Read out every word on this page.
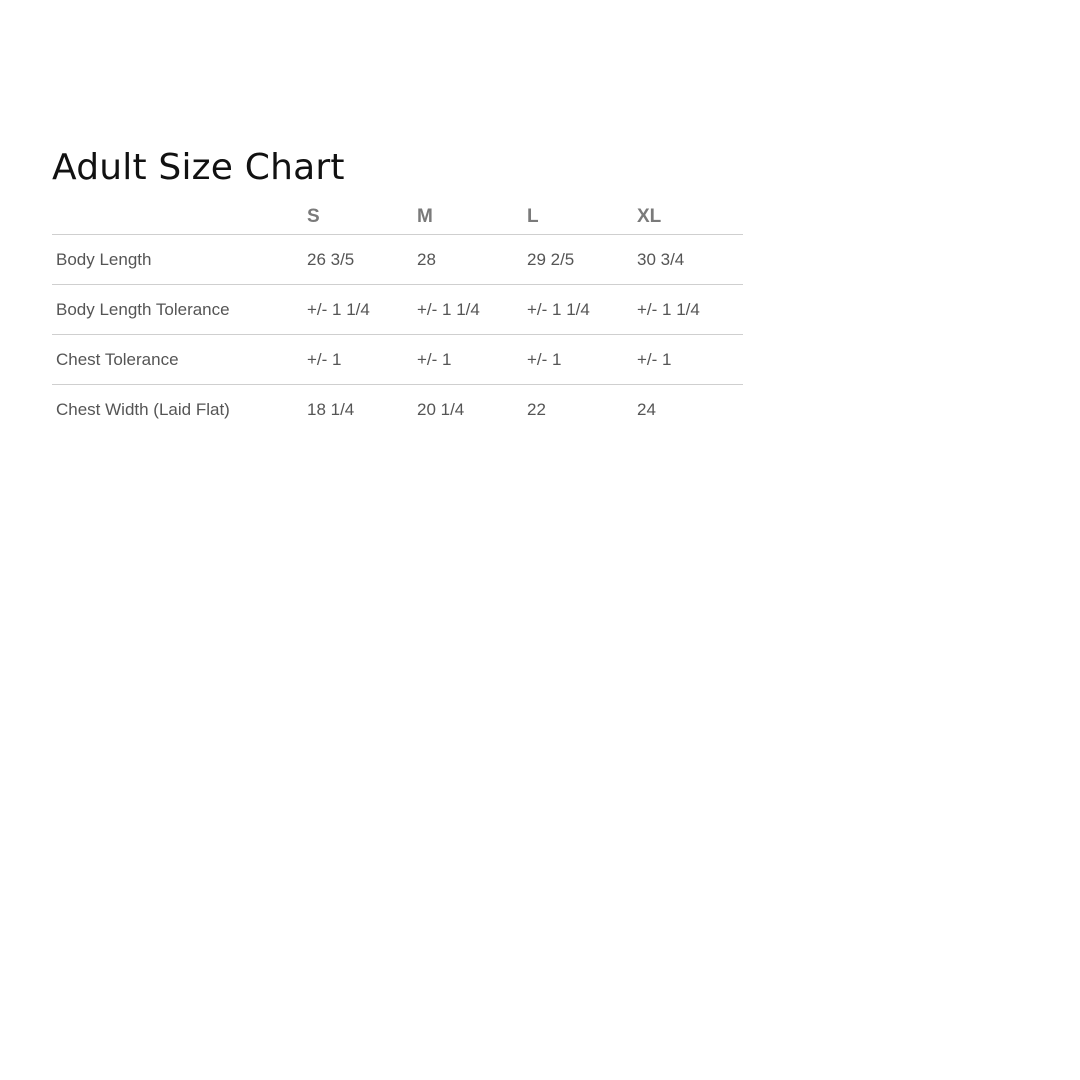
Adult Size Chart
	S	M	L	XL
Body Length	26 3/5	28	29 2/5	30 3/4
Body Length Tolerance	+/- 1 1/4	+/- 1 1/4	+/- 1 1/4	+/- 1 1/4
Chest Tolerance	+/- 1	+/- 1	+/- 1	+/- 1
Chest Width (Laid Flat)	18 1/4	20 1/4	22	24
